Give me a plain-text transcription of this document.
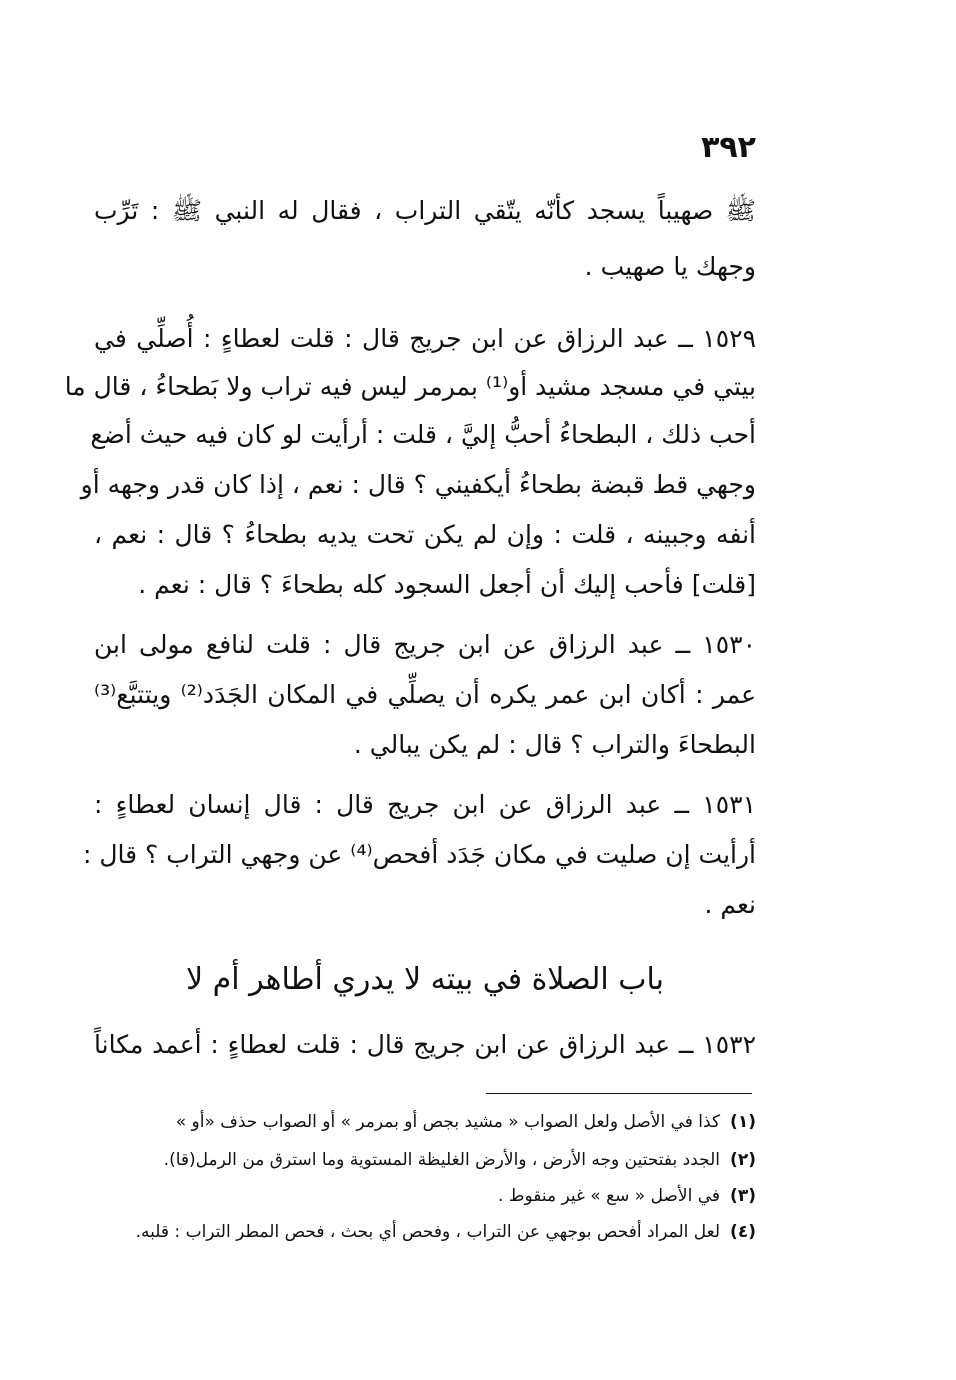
٣٩٢
ﷺ صهيباً يسجد كأنّه يتّقي التراب ، فقال له النبي ﷺ : تَرِّب
وجهك يا صهيب .
١٥٢٩ ــ عبد الرزاق عن ابن جريج قال : قلت لعطاءٍ : أُصلِّي في
بيتي في مسجد مشيد أو⁽¹⁾ بمرمر ليس فيه تراب ولا بَطحاءُ ، قال ما
أحب ذلك ، البطحاءُ أحبُّ إليَّ ، قلت : أرأيت لو كان فيه حيث أضع
وجهي قط قبضة بطحاءُ أيكفيني ؟ قال : نعم ، إذا كان قدر وجهه أو
أنفه وجبينه ، قلت : وإن لم يكن تحت يديه بطحاءُ ؟ قال : نعم ،
[قلت] فأحب إليك أن أجعل السجود كله بطحاءَ ؟ قال : نعم .
١٥٣٠ ــ عبد الرزاق عن ابن جريج قال : قلت لنافع مولى ابن
عمر : أكان ابن عمر يكره أن يصلِّي في المكان الجَدَد⁽²⁾ ويتتبَّع⁽³⁾
البطحاءَ والتراب ؟ قال : لم يكن يبالي .
١٥٣١ ــ عبد الرزاق عن ابن جريج قال : قال إنسان لعطاءٍ :
أرأيت إن صليت في مكان جَدَد أفحص⁽⁴⁾ عن وجهي التراب ؟ قال :
نعم .
باب الصلاة في بيته لا يدري أطاهر أم لا
١٥٣٢ ــ عبد الرزاق عن ابن جريج قال : قلت لعطاءٍ : أعمد مكاناً
(١)كذا في الأصل ولعل الصواب « مشيد بجص أو بمرمر » أو الصواب حذف «أو »
(٢)الجدد بفتحتين وجه الأرض ، والأرض الغليظة المستوية وما استرق من الرمل(قا).
(٣)في الأصل « سع » غير منقوط .
(٤)لعل المراد أفحص بوجهي عن التراب ، وفحص أي بحث ، فحص المطر التراب : قلبه.
